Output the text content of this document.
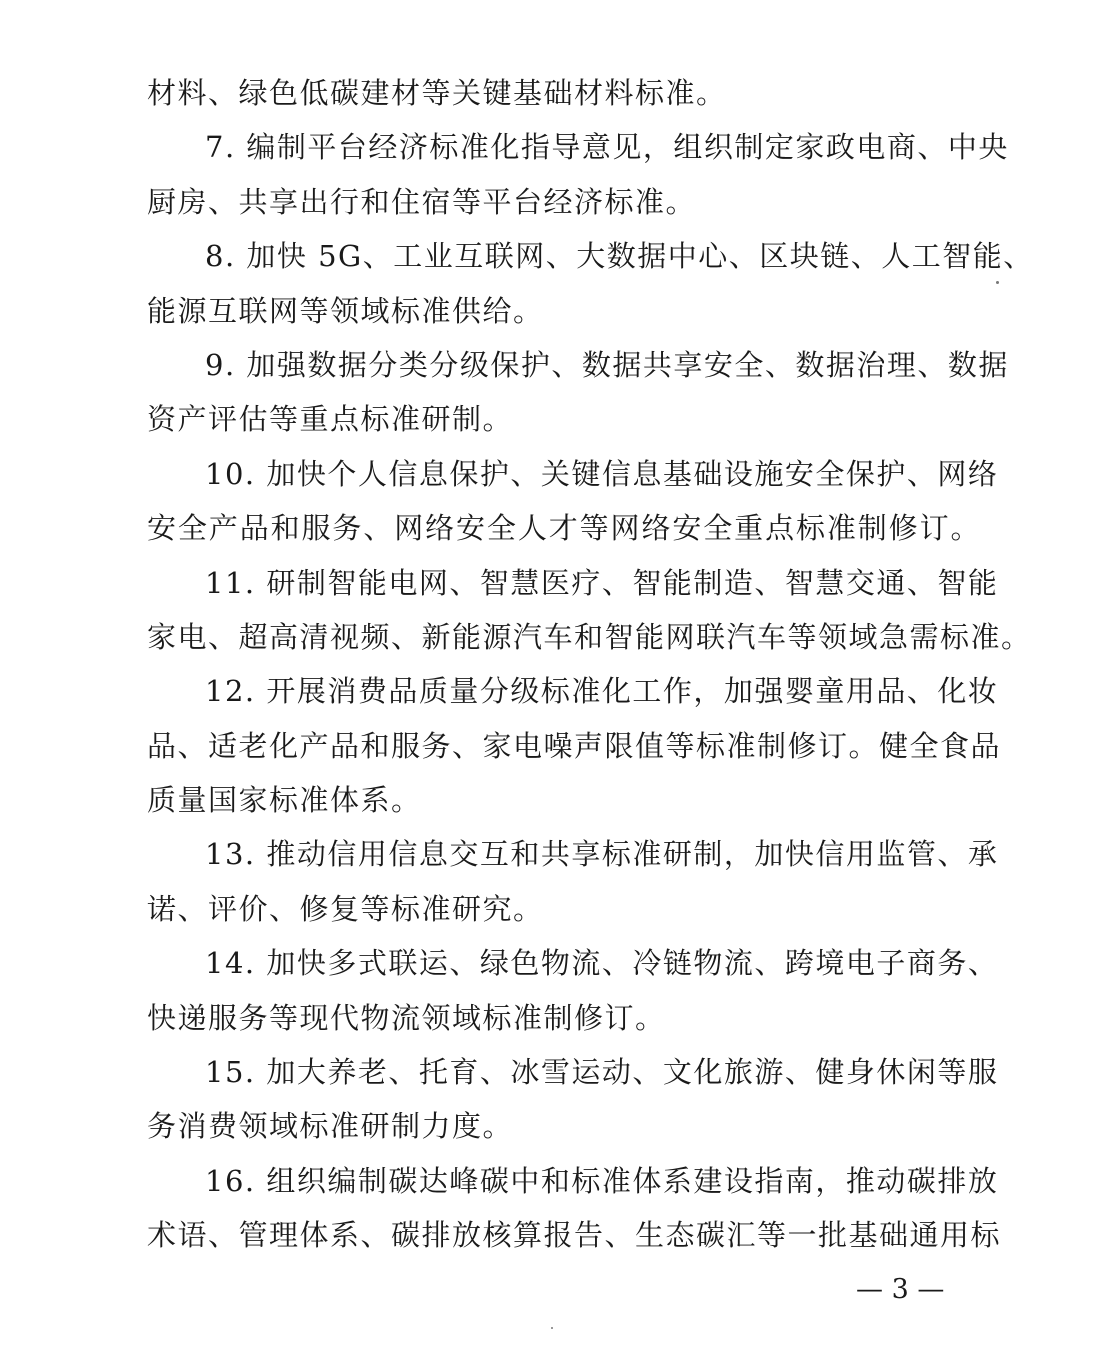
材料、绿色低碳建材等关键基础材料标准。
7. 编制平台经济标准化指导意见，组织制定家政电商、中央
厨房、共享出行和住宿等平台经济标准。
8. 加快 5G、工业互联网、大数据中心、区块链、人工智能、
能源互联网等领域标准供给。
9. 加强数据分类分级保护、数据共享安全、数据治理、数据
资产评估等重点标准研制。
10. 加快个人信息保护、关键信息基础设施安全保护、网络
安全产品和服务、网络安全人才等网络安全重点标准制修订。
11. 研制智能电网、智慧医疗、智能制造、智慧交通、智能
家电、超高清视频、新能源汽车和智能网联汽车等领域急需标准。
12. 开展消费品质量分级标准化工作，加强婴童用品、化妆
品、适老化产品和服务、家电噪声限值等标准制修订。健全食品
质量国家标准体系。
13. 推动信用信息交互和共享标准研制，加快信用监管、承
诺、评价、修复等标准研究。
14. 加快多式联运、绿色物流、冷链物流、跨境电子商务、
快递服务等现代物流领域标准制修订。
15. 加大养老、托育、冰雪运动、文化旅游、健身休闲等服
务消费领域标准研制力度。
16. 组织编制碳达峰碳中和标准体系建设指南，推动碳排放
术语、管理体系、碳排放核算报告、生态碳汇等一批基础通用标
— 3 —
